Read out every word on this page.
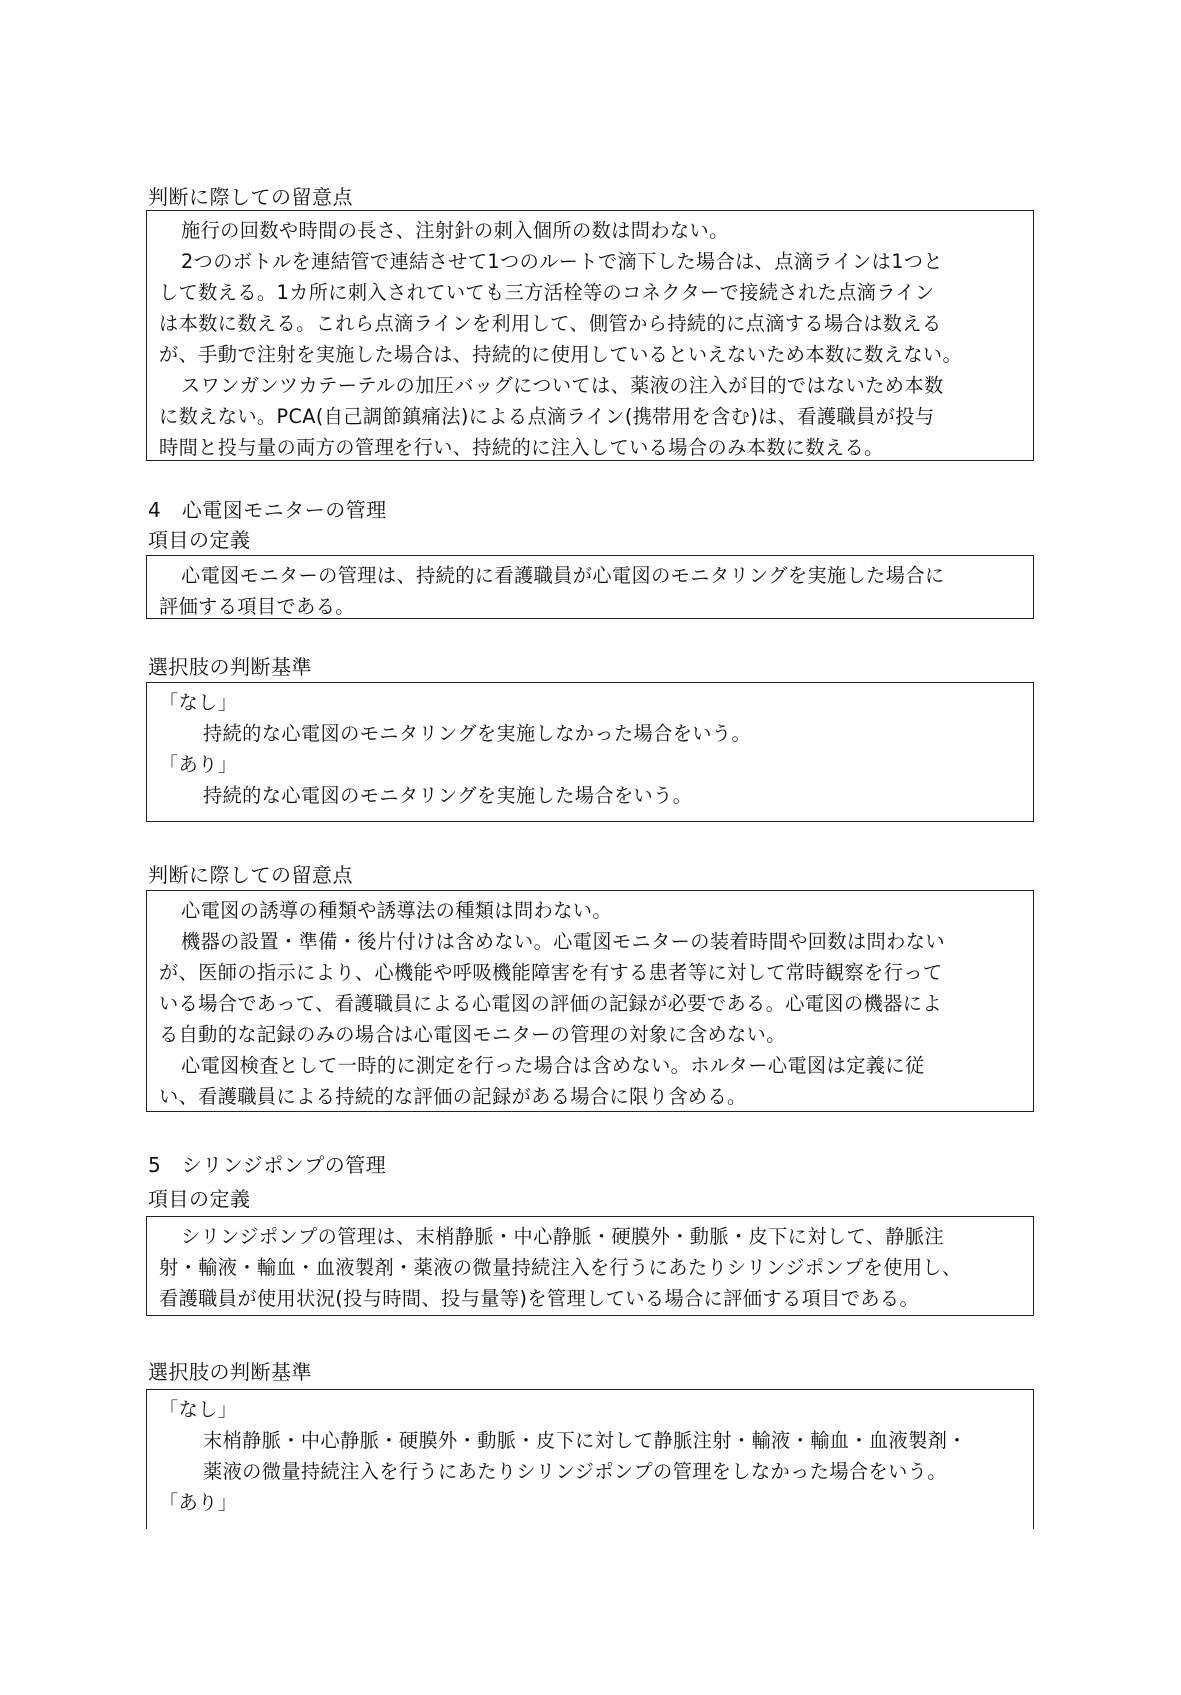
判断に際しての留意点
施行の回数や時間の長さ、注射針の刺入個所の数は問わない。
2つのボトルを連結管で連結させて1つのルートで滴下した場合は、点滴ラインは1つと
して数える。1カ所に刺入されていても三方活栓等のコネクターで接続された点滴ライン
は本数に数える。これら点滴ラインを利用して、側管から持続的に点滴する場合は数える
が、手動で注射を実施した場合は、持続的に使用しているといえないため本数に数えない。
スワンガンツカテーテルの加圧バッグについては、薬液の注入が目的ではないため本数
に数えない。PCA(自己調節鎮痛法)による点滴ライン(携帯用を含む)は、看護職員が投与
時間と投与量の両方の管理を行い、持続的に注入している場合のみ本数に数える。
4　心電図モニターの管理
項目の定義
心電図モニターの管理は、持続的に看護職員が心電図のモニタリングを実施した場合に
評価する項目である。
選択肢の判断基準
「なし」
持続的な心電図のモニタリングを実施しなかった場合をいう。
「あり」
持続的な心電図のモニタリングを実施した場合をいう。
判断に際しての留意点
心電図の誘導の種類や誘導法の種類は問わない。
機器の設置・準備・後片付けは含めない。心電図モニターの装着時間や回数は問わない
が、医師の指示により、心機能や呼吸機能障害を有する患者等に対して常時観察を行って
いる場合であって、看護職員による心電図の評価の記録が必要である。心電図の機器によ
る自動的な記録のみの場合は心電図モニターの管理の対象に含めない。
心電図検査として一時的に測定を行った場合は含めない。ホルター心電図は定義に従
い、看護職員による持続的な評価の記録がある場合に限り含める。
5　シリンジポンプの管理
項目の定義
シリンジポンプの管理は、末梢静脈・中心静脈・硬膜外・動脈・皮下に対して、静脈注
射・輸液・輸血・血液製剤・薬液の微量持続注入を行うにあたりシリンジポンプを使用し、
看護職員が使用状況(投与時間、投与量等)を管理している場合に評価する項目である。
選択肢の判断基準
「なし」
末梢静脈・中心静脈・硬膜外・動脈・皮下に対して静脈注射・輸液・輸血・血液製剤・
薬液の微量持続注入を行うにあたりシリンジポンプの管理をしなかった場合をいう。
「あり」
